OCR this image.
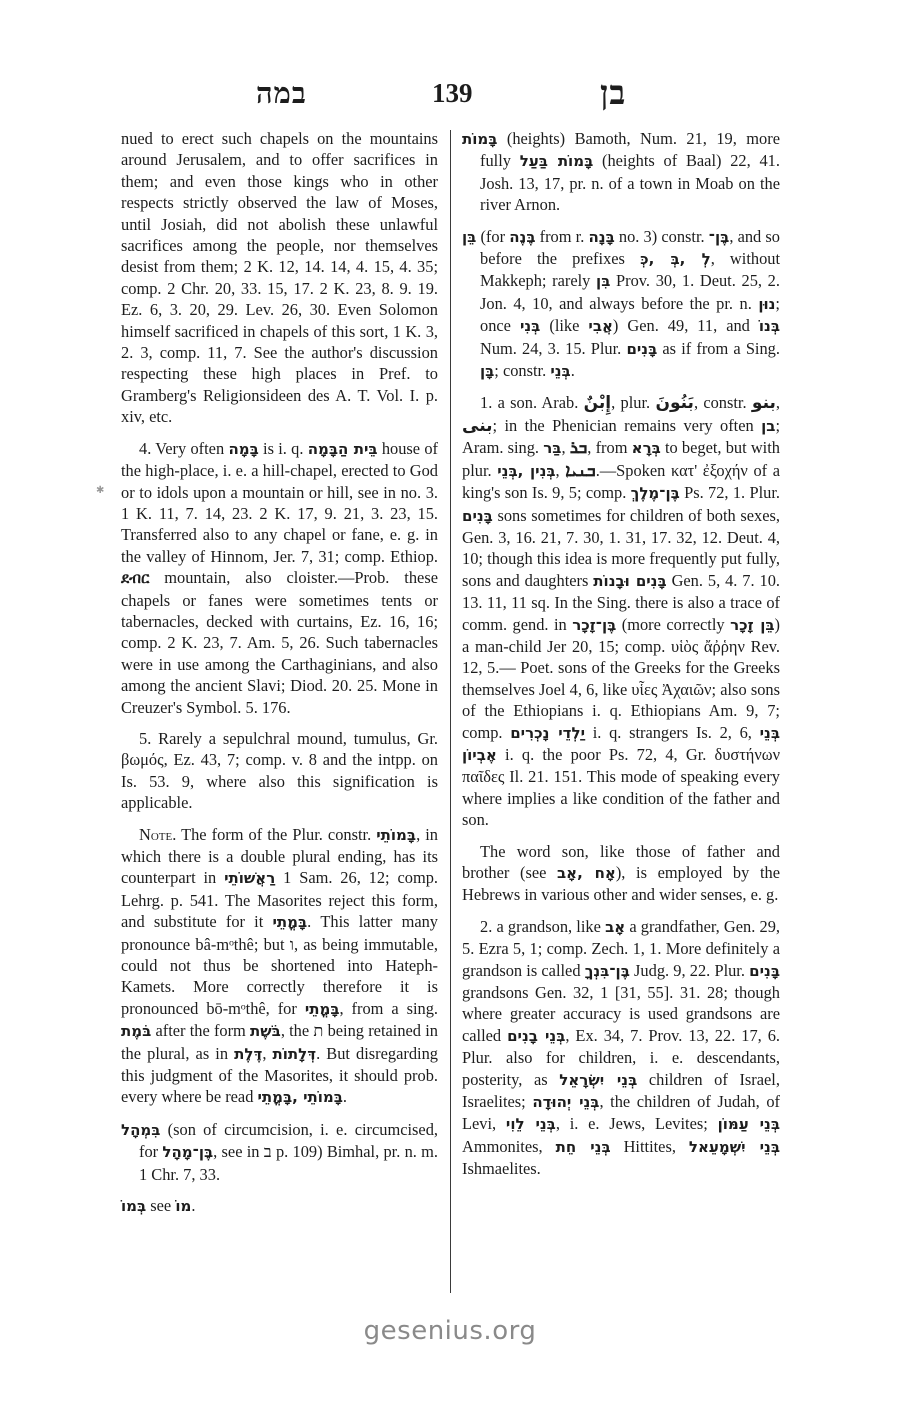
במה	139	בן
✱

nued to erect such chapels on the mountains around Jerusalem, and to offer sacrifices in them; and even those kings who in other respects strictly observed the law of Moses, until Josiah, did not abolish these unlawful sacrifices among the people, nor themselves desist from them; 2 K. 12, 14. 14, 4. 15, 4. 35; comp. 2 Chr. 20, 33. 15, 17. 2 K. 23, 8. 9. 19. Ez. 6, 3. 20, 29. Lev. 26, 30. Even Solomon himself sacrificed in chapels of this sort, 1 K. 3, 2. 3, comp. 11, 7. See the author's discussion respecting these high places in Pref. to Gramberg's Religionsideen des A. T. Vol. I. p. xiv, etc.

4. Very often בָּמָה is i. q. בֵּית הַבָּמָה house of the high-place, i. e. a hill-chapel, erected to God or to idols upon a mountain or hill, see in no. 3. 1 K. 11, 7. 14, 23. 2 K. 17, 9. 21, 3. 23, 15. Transferred also to any chapel or fane, e. g. in the valley of Hinnom, Jer. 7, 31; comp. Ethiop. ደብር mountain, also cloister.—Prob. these chapels or fanes were sometimes tents or tabernacles, decked with curtains, Ez. 16, 16; comp. 2 K. 23, 7. Am. 5, 26. Such tabernacles were in use among the Carthaginians, and also among the ancient Slavi; Diod. 20. 25. Mone in Creuzer's Symbol. 5. 176.

5. Rarely a sepulchral mound, tumulus, Gr. βωμός, Ez. 43, 7; comp. v. 8 and the intpp. on Is. 53. 9, where also this signification is applicable.

Note. The form of the Plur. constr. בָּמוֹתֵי, in which there is a double plural ending, has its counterpart in רַאֲשׁוֹתֵי 1 Sam. 26, 12; comp. Lehrg. p. 541. The Masorites reject this form, and substitute for it בָּמֳתֵי. This latter many pronounce bâ-mᵒthê; but ו, as being immutable, could not thus be shortened into Hateph-Kamets. More correctly therefore it is pronounced bō-mᵒthê, for בָּמֳתֵי, from a sing. בֹּמֶת after the form בֹּשֶׁת, the ת being retained in the plural, as in דֶּלֶת, דְּלָתוֹת. But disregarding this judgment of the Masorites, it should prob. every where be read בָּמוֹתֵי ,בָּמֳתֵי.

בִּמְהָל (son of circumcision, i. e. circumcised, for בֶּן־מָהָל, see in ב p. 109) Bimhal, pr. n. m. 1 Chr. 7, 33.

בְּמוֹ see מוֹ.

בָּמוֹת (heights) Bamoth, Num. 21, 19, more fully בָּמוֹת בַּעַל (heights of Baal) 22, 41. Josh. 13, 17, pr. n. of a town in Moab on the river Arnon.

בֵּן (for בֶּנֶה from r. בָּנָה no. 3) constr. בֶּן־, and so before the prefixes לְ ,בְּ ,כְּ, without Makkeph; rarely בִּן Prov. 30, 1. Deut. 25, 2. Jon. 4, 10, and always before the pr. n. נוּן; once בְּנִי (like אֲבִי) Gen. 49, 11, and בְּנוֹ Num. 24, 3. 15. Plur. בָּנִים as if from a Sing. בָּן; constr. בְּנֵי.

1. a son. Arab. إِبْنٌ, plur. بَنُونَ, constr. بنو, بنى; in the Phenician remains very often בן; Aram. sing. בַּר, ܒܪ, from בְּרָא to beget, but with plur. בְּנִין ,בְּנֵי, ܒܢܝܐ.—Spoken κατ' ἐξοχήν of a king's son Is. 9, 5; comp. בֶּן־מֶלֶךְ Ps. 72, 1. Plur. בָּנִים sons sometimes for children of both sexes, Gen. 3, 16. 21, 7. 30, 1. 31, 17. 32, 12. Deut. 4, 10; though this idea is more frequently put fully, sons and daughters בָּנִים וּבָנוֹת Gen. 5, 4. 7. 10. 13. 11, 11 sq. In the Sing. there is also a trace of comm. gend. in בֶּן־זָכָר (more correctly בֵּן זָכָר) a man-child Jer 20, 15; comp. υἱὸς ἄῤῥην Rev. 12, 5.— Poet. sons of the Greeks for the Greeks themselves Joel 4, 6, like υἷες Ἀχαιῶν; also sons of the Ethiopians i. q. Ethiopians Am. 9, 7; comp. יַלְדֵי נָכְרִים i. q. strangers Is. 2, 6, בְּנֵי אֶבְיוֹן i. q. the poor Ps. 72, 4, Gr. δυστήνων παῖδες Il. 21. 151. This mode of speaking every where implies a like condition of the father and son.

The word son, like those of father and brother (see אָח ,אָב), is employed by the Hebrews in various other and wider senses, e. g.

2. a grandson, like אָב a grandfather, Gen. 29, 5. Ezra 5, 1; comp. Zech. 1, 1. More definitely a grandson is called בֶּן־בִּנְךָ Judg. 9, 22. Plur. בָּנִים grandsons Gen. 32, 1 [31, 55]. 31. 28; though where greater accuracy is used grandsons are called בְּנֵי בָנִים, Ex. 34, 7. Prov. 13, 22. 17, 6. Plur. also for children, i. e. descendants, posterity, as בְּנֵי יִשְׂרָאֵל children of Israel, Israelites; בְּנֵי יְהוּדָה, the children of Judah, of Levi, בְּנֵי לֵוִי, i. e. Jews, Levites; בְּנֵי עַמּוֹן Ammonites, בְּנֵי חֵת Hittites, בְּנֵי יִשְׁמָעֵאל Ishmaelites.

gesenius.org
